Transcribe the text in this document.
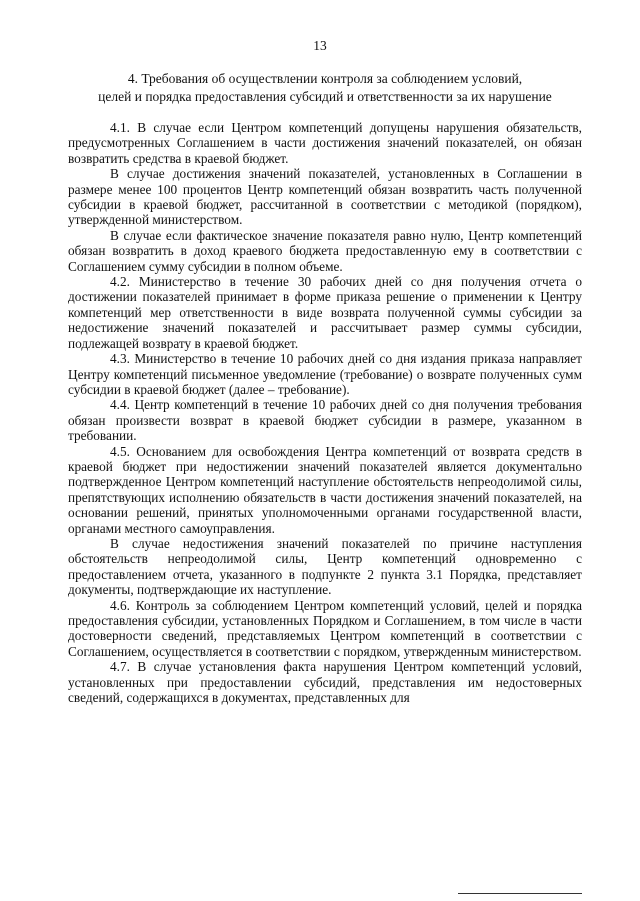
13
4. Требования об осуществлении контроля за соблюдением условий,
целей и порядка предоставления субсидий и ответственности за их нарушение

4.1. В случае если Центром компетенций допущены нарушения обязательств, предусмотренных Соглашением в части достижения значений показателей, он обязан возвратить средства в краевой бюджет.

В случае достижения значений показателей, установленных в Соглашении в размере менее 100 процентов Центр компетенций обязан возвратить часть полученной субсидии в краевой бюджет, рассчитанной в соответствии с методикой (порядком), утвержденной министерством.

В случае если фактическое значение показателя равно нулю, Центр компетенций обязан возвратить в доход краевого бюджета предоставленную ему в соответствии с Соглашением сумму субсидии в полном объеме.

4.2. Министерство в течение 30 рабочих дней со дня получения отчета о достижении показателей принимает в форме приказа решение о применении к Центру компетенций мер ответственности в виде возврата полученной суммы субсидии за недостижение значений показателей и рассчитывает размер суммы субсидии, подлежащей возврату в краевой бюджет.

4.3. Министерство в течение 10 рабочих дней со дня издания приказа направляет Центру компетенций письменное уведомление (требование) о возврате полученных сумм субсидии в краевой бюджет (далее – требование).

4.4. Центр компетенций в течение 10 рабочих дней со дня получения требования обязан произвести возврат в краевой бюджет субсидии в размере, указанном в требовании.

4.5. Основанием для освобождения Центра компетенций от возврата средств в краевой бюджет при недостижении значений показателей является документально подтвержденное Центром компетенций наступление обстоятельств непреодолимой силы, препятствующих исполнению обязательств в части достижения значений показателей, на основании решений, принятых уполномоченными органами государственной власти, органами местного самоуправления.

В случае недостижения значений показателей по причине наступления обстоятельств непреодолимой силы, Центр компетенций одновременно с предоставлением отчета, указанного в подпункте 2 пункта 3.1 Порядка, представляет документы, подтверждающие их наступление.

4.6. Контроль за соблюдением Центром компетенций условий, целей и порядка предоставления субсидии, установленных Порядком и Соглашением, в том числе в части достоверности сведений, представляемых Центром компетенций в соответствии с Соглашением, осуществляется в соответствии с порядком, утвержденным министерством.

4.7. В случае установления факта нарушения Центром компетенций условий, установленных при предоставлении субсидий, представления им недостоверных сведений, содержащихся в документах, представленных для
